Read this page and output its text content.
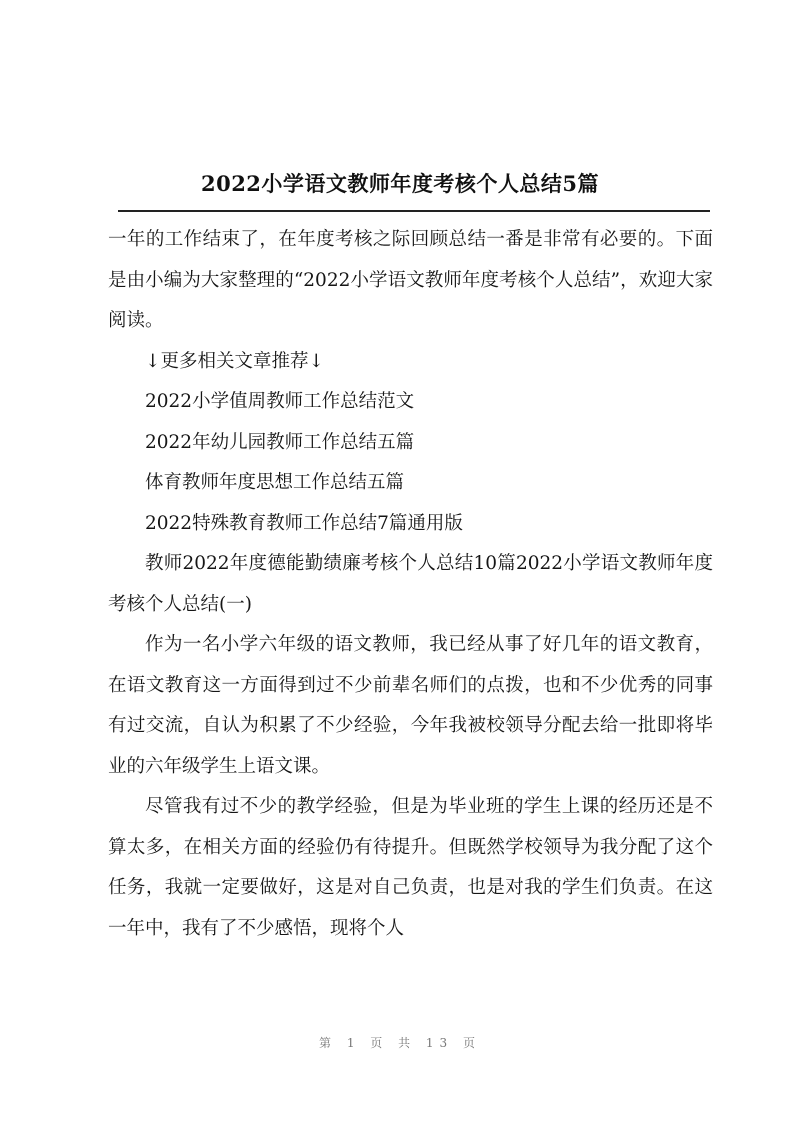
2022小学语文教师年度考核个人总结5篇

一年的工作结束了，在年度考核之际回顾总结一番是非常有必要的。下面是由小编为大家整理的“2022小学语文教师年度考核个人总结”，欢迎大家阅读。

↓更多相关文章推荐↓

2022小学值周教师工作总结范文

2022年幼儿园教师工作总结五篇

体育教师年度思想工作总结五篇

2022特殊教育教师工作总结7篇通用版

教师2022年度德能勤绩廉考核个人总结10篇2022小学语文教师年度考核个人总结(一)

作为一名小学六年级的语文教师，我已经从事了好几年的语文教育，在语文教育这一方面得到过不少前辈名师们的点拨，也和不少优秀的同事有过交流，自认为积累了不少经验，今年我被校领导分配去给一批即将毕业的六年级学生上语文课。

尽管我有过不少的教学经验，但是为毕业班的学生上课的经历还是不算太多，在相关方面的经验仍有待提升。但既然学校领导为我分配了这个任务，我就一定要做好，这是对自己负责，也是对我的学生们负责。在这一年中，我有了不少感悟，现将个人

第 1 页 共 13 页
